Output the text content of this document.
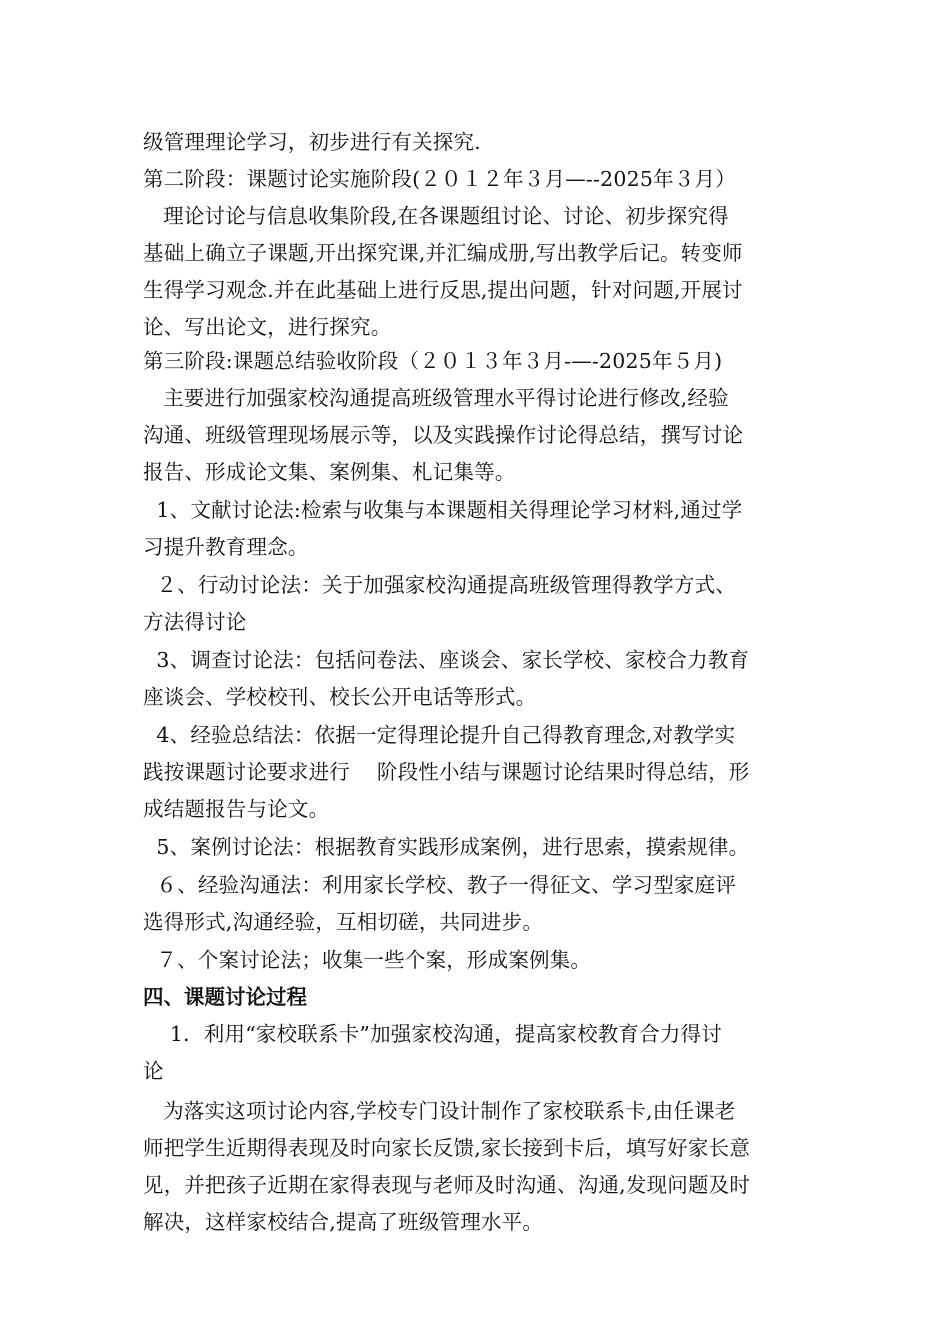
级管理理论学习，初步进行有关探究.
第二阶段：课题讨论实施阶段(２０１２年３月—--2025年３月）
理论讨论与信息收集阶段,在各课题组讨论、讨论、初步探究得
基础上确立子课题,开出探究课,并汇编成册,写出教学后记。转变师
生得学习观念.并在此基础上进行反思,提出问题，针对问题,开展讨
论、写出论文，进行探究。
第三阶段:课题总结验收阶段（２０１３年３月-—-2025年５月)
主要进行加强家校沟通提高班级管理水平得讨论进行修改,经验
沟通、班级管理现场展示等，以及实践操作讨论得总结，撰写讨论
报告、形成论文集、案例集、札记集等。
1、文献讨论法:检索与收集与本课题相关得理论学习材料,通过学
习提升教育理念。
２、行动讨论法：关于加强家校沟通提高班级管理得教学方式、
方法得讨论
3、调查讨论法：包括问卷法、座谈会、家长学校、家校合力教育
座谈会、学校校刊、校长公开电话等形式。
4、经验总结法：依据一定得理论提升自己得教育理念,对教学实
践按课题讨论要求进行    阶段性小结与课题讨论结果时得总结，形
成结题报告与论文。
5、案例讨论法：根据教育实践形成案例，进行思索，摸索规律。
６、经验沟通法：利用家长学校、教子一得征文、学习型家庭评
选得形式,沟通经验，互相切磋，共同进步。
７、个案讨论法；收集一些个案，形成案例集。
四、课题讨论过程
1．利用“家校联系卡”加强家校沟通，提高家校教育合力得讨
论
为落实这项讨论内容,学校专门设计制作了家校联系卡,由任课老
师把学生近期得表现及时向家长反馈,家长接到卡后，填写好家长意
见，并把孩子近期在家得表现与老师及时沟通、沟通,发现问题及时
解决，这样家校结合,提高了班级管理水平。
